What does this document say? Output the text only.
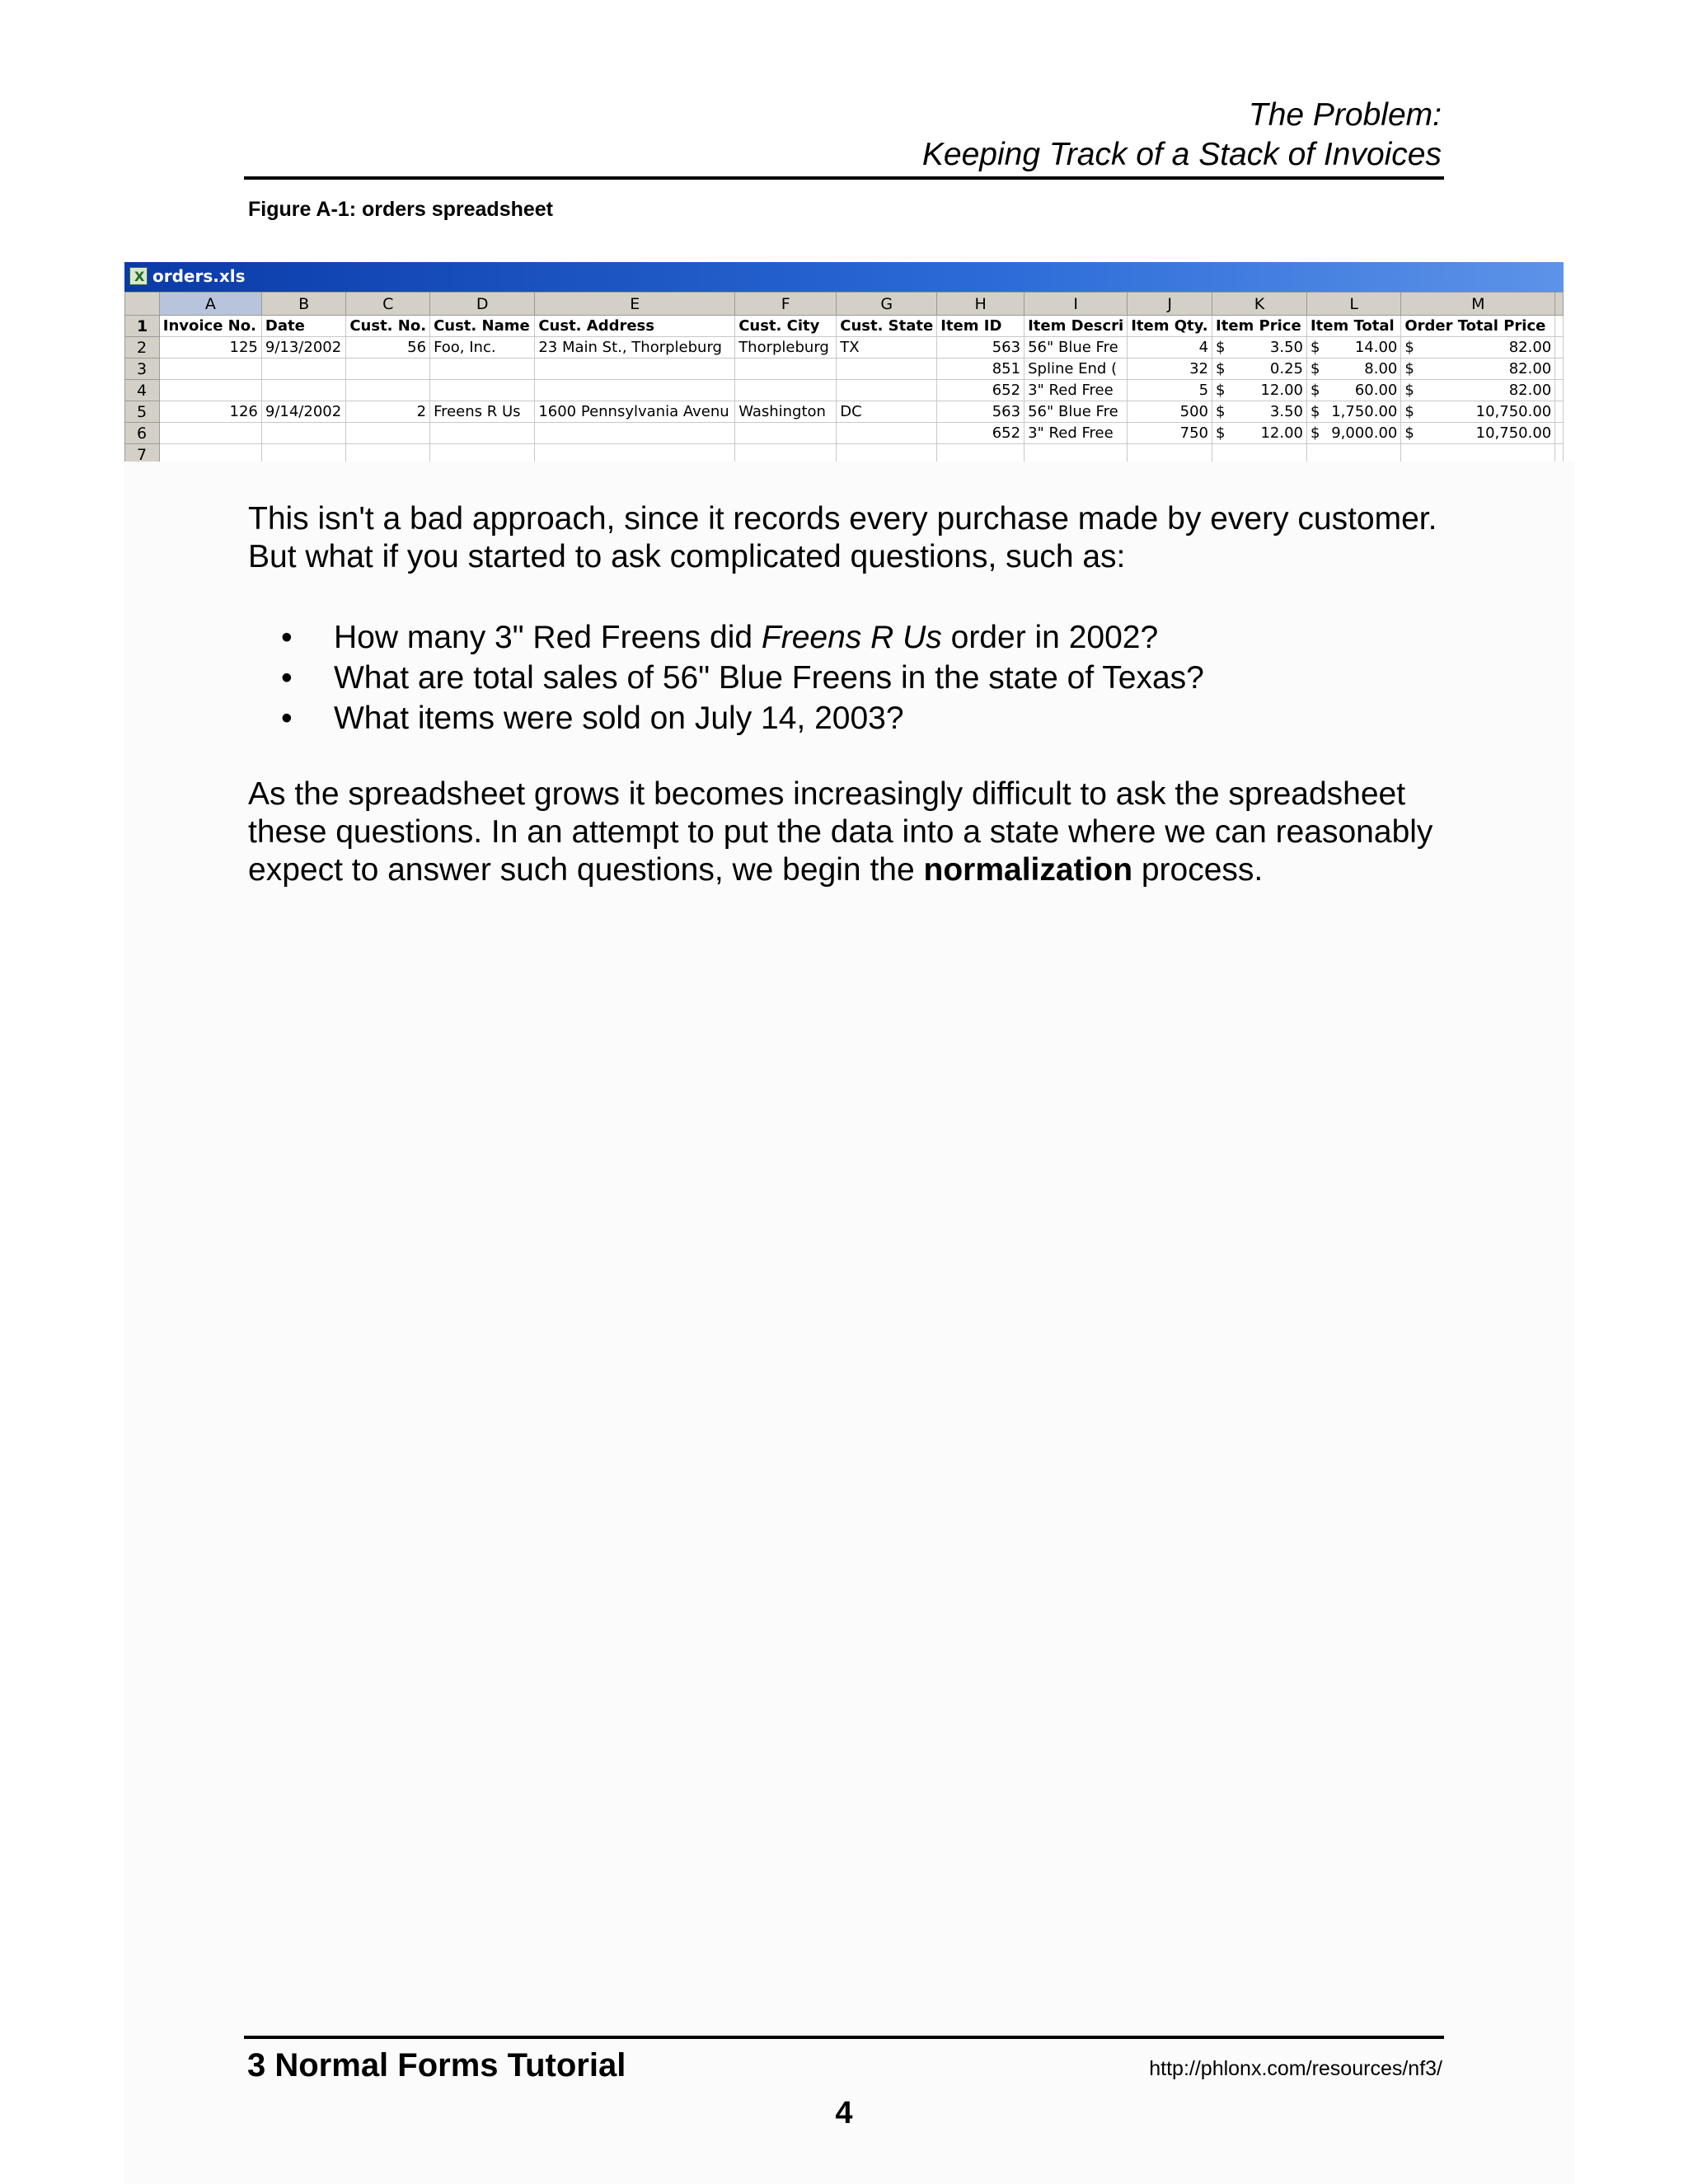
The Problem:
Keeping Track of a Stack of Invoices
Figure A-1: orders spreadsheet
X
orders.xls
	A	B	C	D	E	F	G	H	I	J	K	L	M	
1	Invoice No.	Date	Cust. No.	Cust. Name	Cust. Address	Cust. City	Cust. State	Item ID	Item Descri	Item Qty.	Item Price	Item Total	Order Total Price	
2	125	9/13/2002	56	Foo, Inc.	23 Main St., Thorpleburg	Thorpleburg	TX	563	56" Blue Fre	4	$ 3.50	$ 14.00	$ 82.00	

3								851	Spline End (	32	$ 0.25	$ 8.00	$ 82.00	

4								652	3" Red Free	5	$ 12.00	$ 60.00	$ 82.00	

5	126	9/14/2002	2	Freens R Us	1600 Pennsylvania Avenu	Washington	DC	563	56" Blue Fre	500	$ 3.50	$ 1,750.00	$ 10,750.00	

6								652	3" Red Free	750	$ 12.00	$ 9,000.00	$ 10,750.00	

7														
This isn't a bad approach, since it records every purchase made by every customer. But what if you started to ask complicated questions, such as:
• How many 3" Red Freens did Freens R Us order in 2002?
• What are total sales of 56" Blue Freens in the state of Texas?
• What items were sold on July 14, 2003?
As the spreadsheet grows it becomes increasingly difficult to ask the spreadsheet these questions. In an attempt to put the data into a state where we can reasonably expect to answer such questions, we begin the normalization process.
3 Normal Forms Tutorial	http://phlonx.com/resources/nf3/
4
